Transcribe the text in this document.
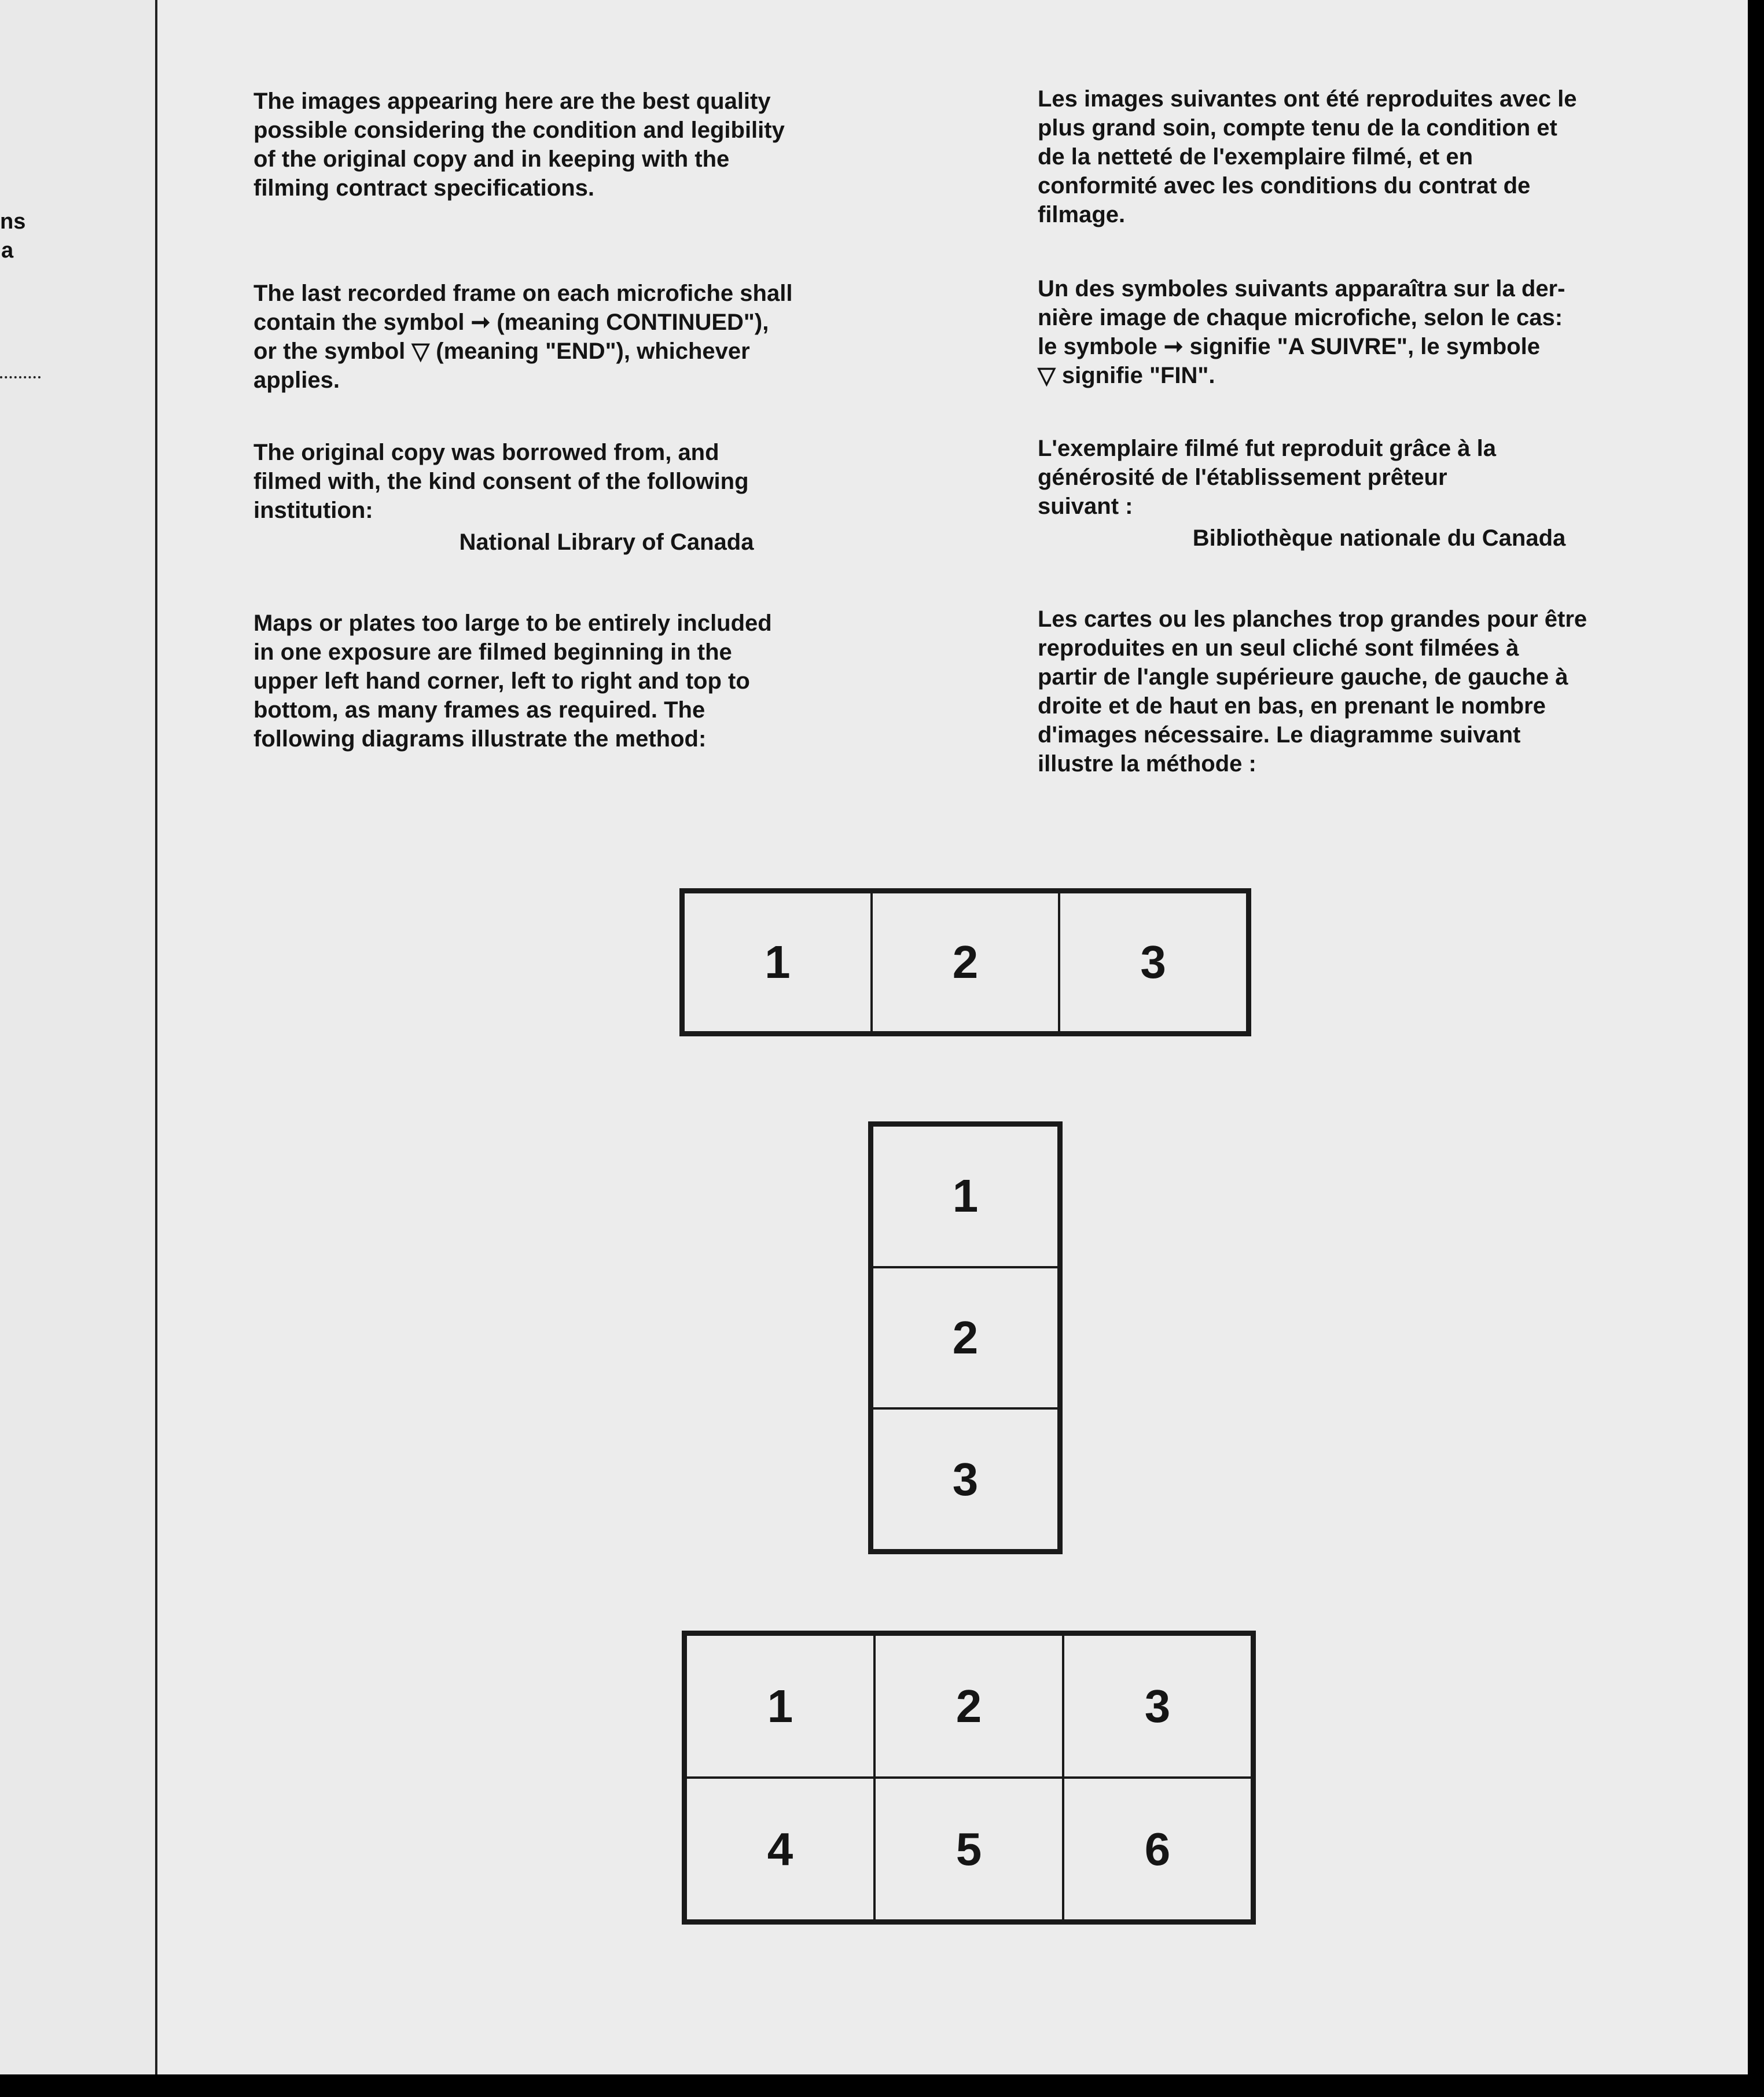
ns
a

The images appearing here are the best quality
possible considering the condition and legibility
of the original copy and in keeping with the
filming contract specifications.

The last recorded frame on each microfiche shall
contain the symbol ➞ (meaning CONTINUED"),
or the symbol ▽ (meaning "END"), whichever
applies.

The original copy was borrowed from, and
filmed with, the kind consent of the following
institution:

National Library of Canada

Maps or plates too large to be entirely included
in one exposure are filmed beginning in the
upper left hand corner, left to right and top to
bottom, as many frames as required. The
following diagrams illustrate the method:

Les images suivantes ont été reproduites avec le
plus grand soin, compte tenu de la condition et
de la netteté de l'exemplaire filmé, et en
conformité avec les conditions du contrat de
filmage.

Un des symboles suivants apparaîtra sur la der-
nière image de chaque microfiche, selon le cas:
le symbole ➞ signifie "A SUIVRE", le symbole
▽ signifie "FIN".

L'exemplaire filmé fut reproduit grâce à la
générosité de l'établissement prêteur
suivant :

Bibliothèque nationale du Canada

Les cartes ou les planches trop grandes pour être
reproduites en un seul cliché sont filmées à
partir de l'angle supérieure gauche, de gauche à
droite et de haut en bas, en prenant le nombre
d'images nécessaire. Le diagramme suivant
illustre la méthode :

1	2	3
1
2
3
1	2	3
4	5	6
